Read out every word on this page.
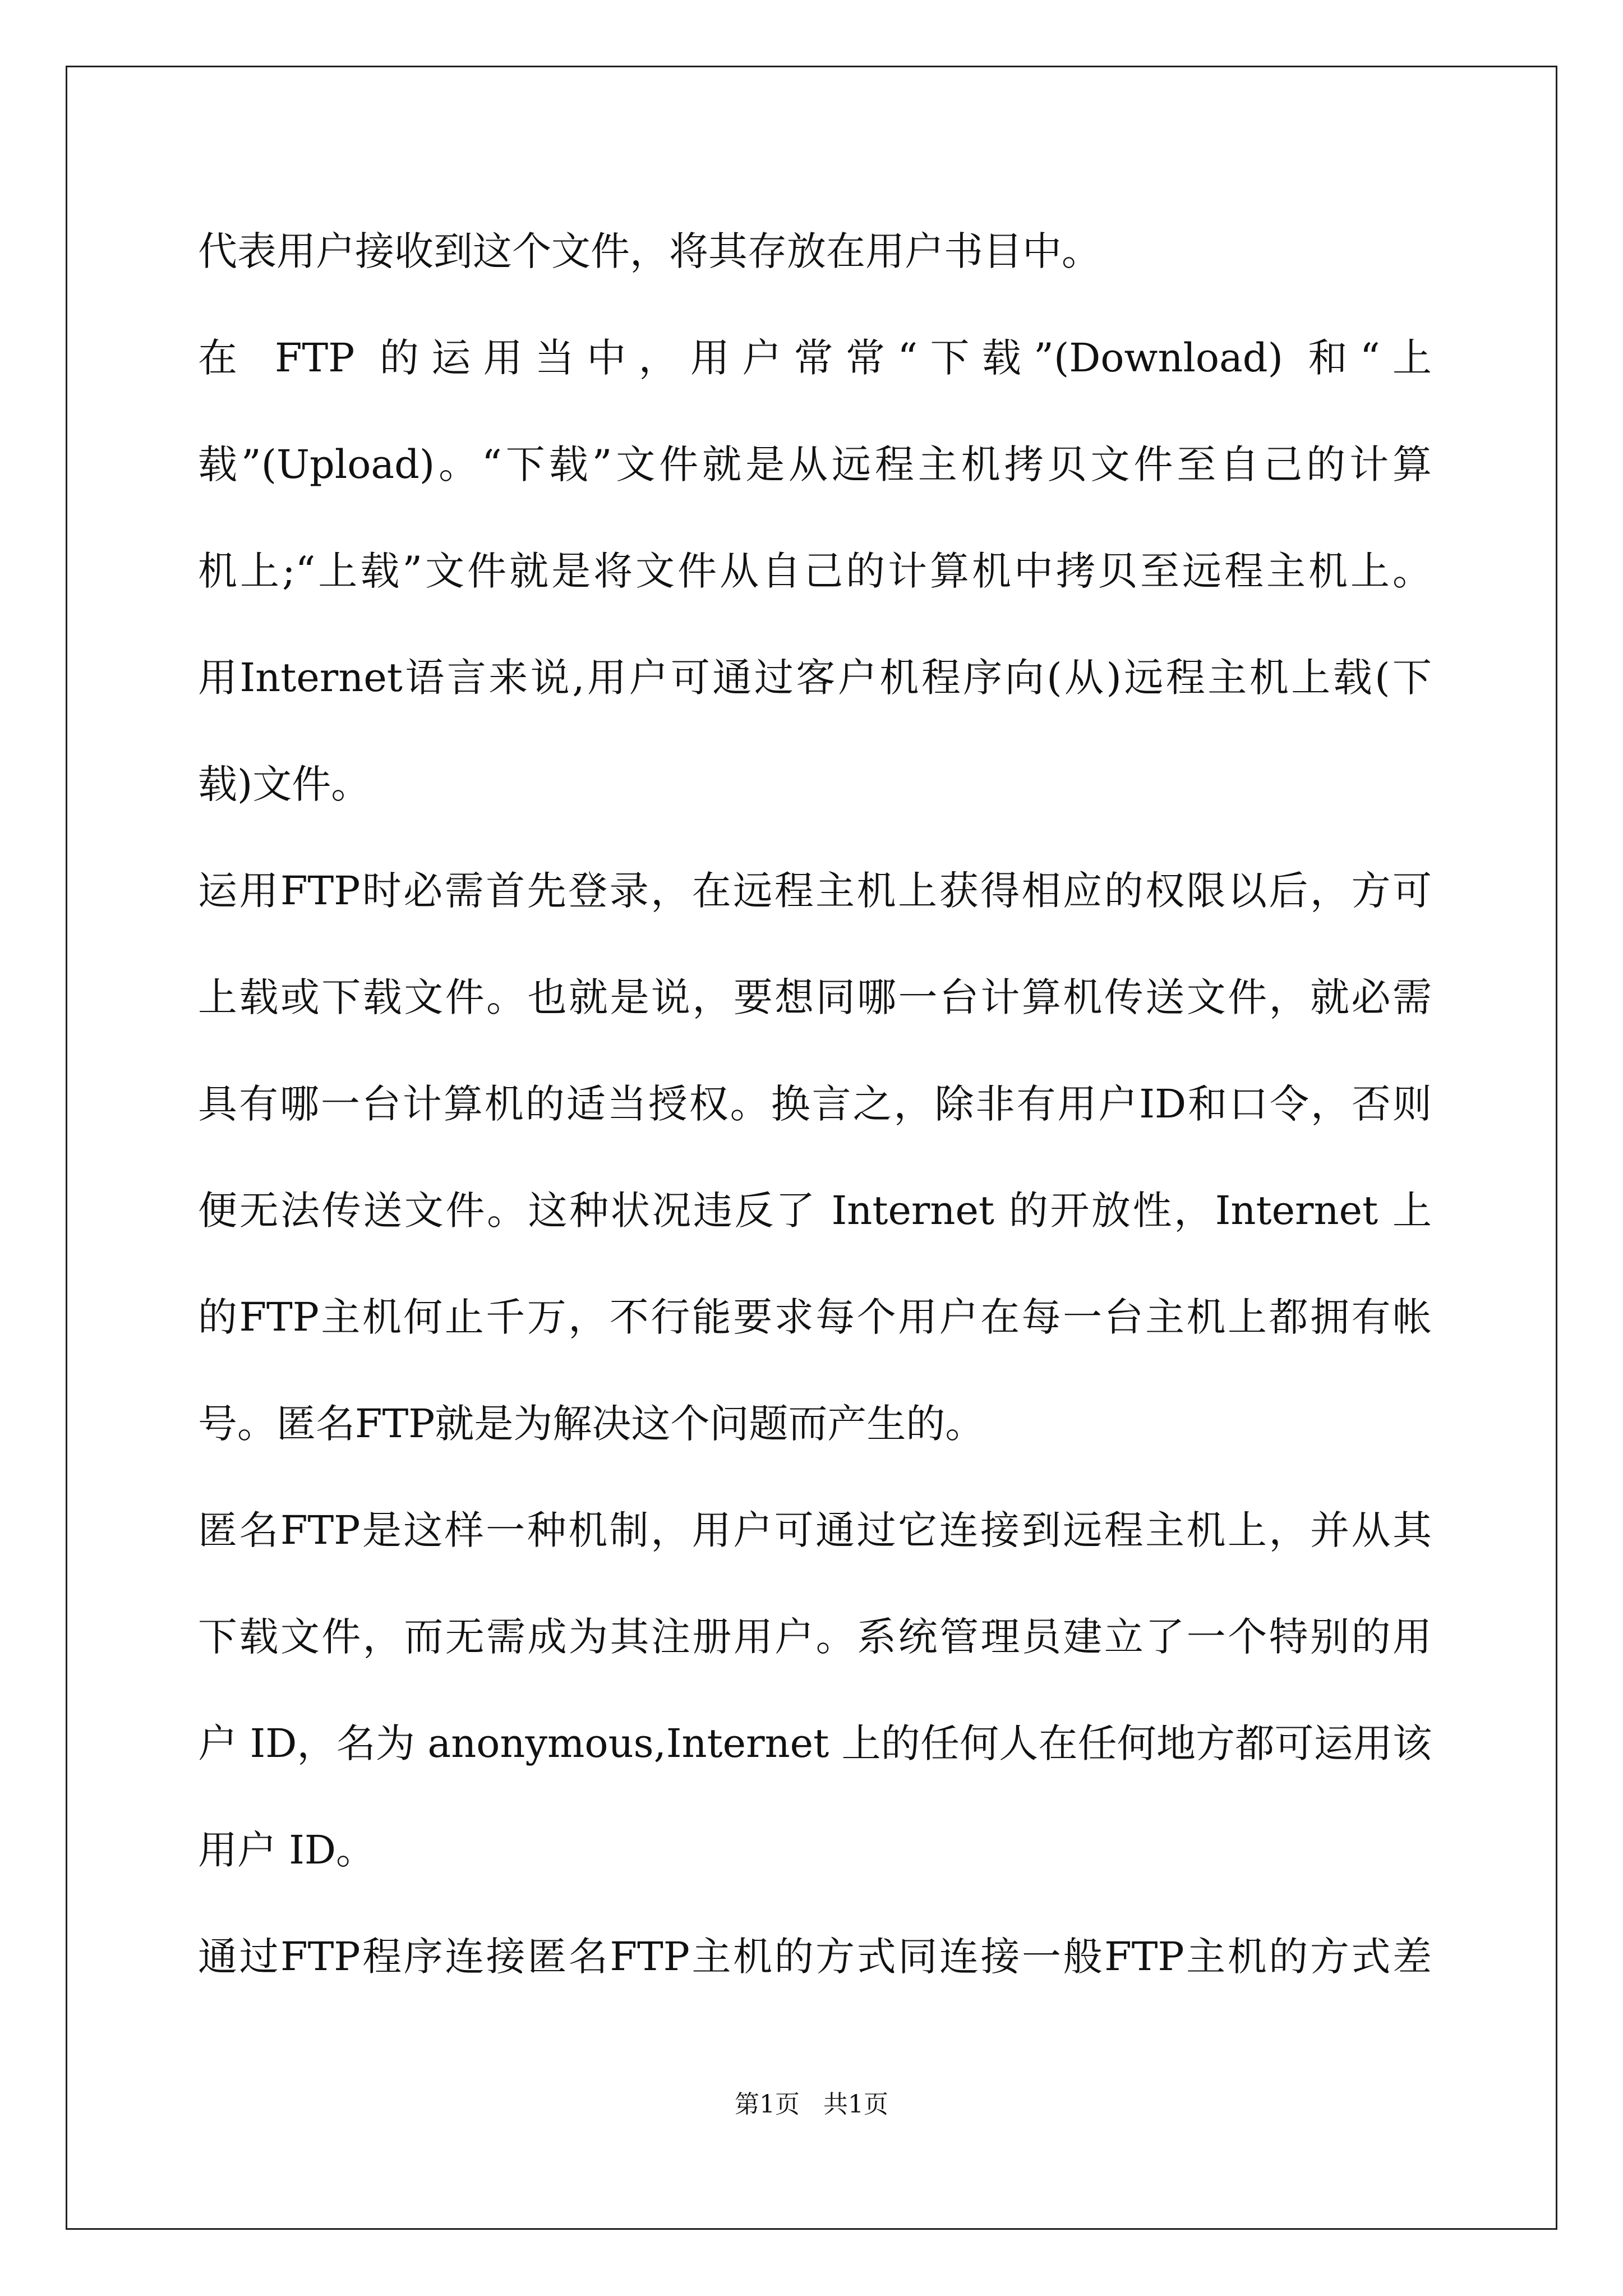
代表用户接收到这个文件，将其存放在用户书目中。

在 FTP 的运用当中，用户常常“下载”(Download) 和“上

载”(Upload)。“下载”文件就是从远程主机拷贝文件至自己的计算

机上;“上载”文件就是将文件从自己的计算机中拷贝至远程主机上。

用Internet语言来说,用户可通过客户机程序向(从)远程主机上载(下

载)文件。

运用FTP时必需首先登录，在远程主机上获得相应的权限以后，方可

上载或下载文件。也就是说，要想同哪一台计算机传送文件，就必需

具有哪一台计算机的适当授权。换言之，除非有用户ID和口令，否则

便无法传送文件。这种状况违反了 Internet 的开放性，Internet 上

的FTP主机何止千万，不行能要求每个用户在每一台主机上都拥有帐

号。匿名FTP就是为解决这个问题而产生的。

匿名FTP是这样一种机制，用户可通过它连接到远程主机上，并从其

下载文件，而无需成为其注册用户。系统管理员建立了一个特别的用

户 ID，名为 anonymous,Internet 上的任何人在任何地方都可运用该

用户 ID。

通过FTP程序连接匿名FTP主机的方式同连接一般FTP主机的方式差

第1页   共1页
